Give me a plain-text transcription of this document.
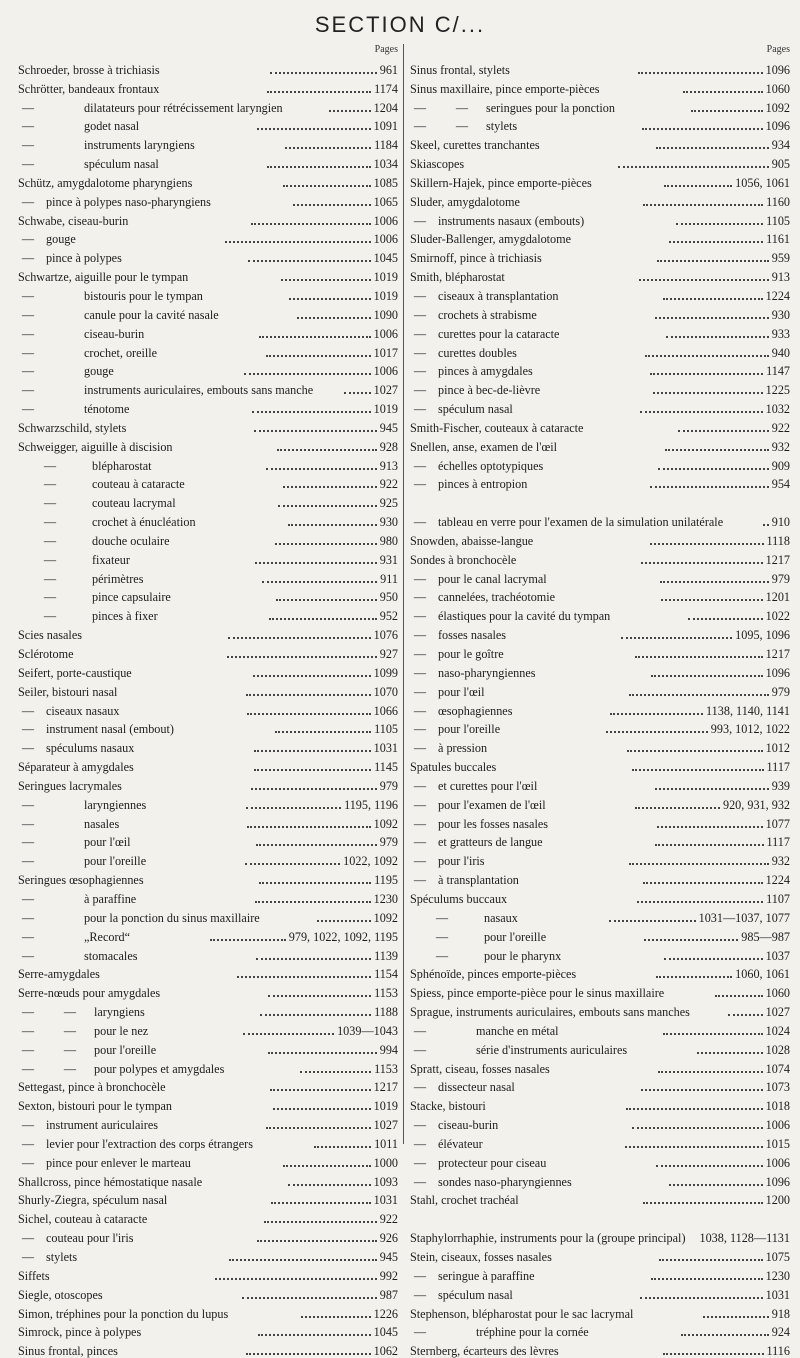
SECTION C/...
Pages
Schroeder, brosse à trichiasis	961
Schrötter, bandeaux frontaux	1174
—	dilatateurs pour rétrécissement laryngien	1204
—	godet nasal	1091
—	instruments laryngiens	1184
—	spéculum nasal	1034
Schütz, amygdalotome pharyngiens	1085
— pince à polypes naso-pharyngiens	1065
Schwabe, ciseau-burin	1006
— gouge	1006
— pince à polypes	1045
Schwartze, aiguille pour le tympan	1019
—	bistouris pour le tympan	1019
—	canule pour la cavité nasale	1090
—	ciseau-burin	1006
—	crochet, oreille	1017
—	gouge	1006
—	instruments auriculaires, embouts sans manche	1027
—	ténotome	1019
Schwarzschild, stylets	945
Schweigger, aiguille à discision	928
—	blépharostat	913
—	couteau à cataracte	922
—	couteau lacrymal	925
—	crochet à énucléation	930
—	douche oculaire	980
—	fixateur	931
—	périmètres	911
—	pince capsulaire	950
—	pinces à fixer	952
Scies nasales	1076
Sclérotome	927
Seifert, porte-caustique	1099
Seiler, bistouri nasal	1070
— ciseaux nasaux	1066
— instrument nasal (embout)	1105
— spéculums nasaux	1031
Séparateur à amygdales	1145
Seringues lacrymales	979
—	laryngiennes	1195, 1196
—	nasales	1092
—	pour l'œil	979
—	pour l'oreille	1022, 1092
Seringues œsophagiennes	1195
—	à paraffine	1230
—	pour la ponction du sinus maxillaire	1092
—	„Record“	979, 1022, 1092, 1195
—	stomacales	1139
Serre-amygdales	1154
Serre-nœuds pour amygdales	1153
—	—	laryngiens	1188
—	—	pour le nez	1039—1043
—	—	pour l'oreille	994
—	—	pour polypes et amygdales	1153
Settegast, pince à bronchocèle	1217
Sexton, bistouri pour le tympan	1019
— instrument auriculaires	1027
— levier pour l'extraction des corps étrangers	1011
— pince pour enlever le marteau	1000
Shallcross, pince hémostatique nasale	1093
Shurly-Ziegra, spéculum nasal	1031
Sichel, couteau à cataracte	922
— couteau pour l'iris	926
— stylets	945
Siffets	992
Siegle, otoscopes	987
Simon, tréphines pour la ponction du lupus	1226
Simrock, pince à polypes	1045
Sinus frontal, pinces	1062
Pages
Sinus frontal, stylets	1096
Sinus maxillaire, pince emporte-pièces	1060
—	—	seringues pour la ponction	1092
—	—	stylets	1096
Skeel, curettes tranchantes	934
Skiascopes	905
Skillern-Hajek, pince emporte-pièces	1056, 1061
Sluder, amygdalotome	1160
— instruments nasaux (embouts)	1105
Sluder-Ballenger, amygdalotome	1161
Smirnoff, pince à trichiasis	959
Smith, blépharostat	913
— ciseaux à transplantation	1224
— crochets à strabisme	930
— curettes pour la cataracte	933
— curettes doubles	940
— pinces à amygdales	1147
— pince à bec-de-lièvre	1225
— spéculum nasal	1032
Smith-Fischer, couteaux à cataracte	922
Snellen, anse, examen de l'œil	932
— échelles optotypiques	909
— pinces à entropion	954
— tableau en verre pour l'examen de la simulation unilatérale	910
Snowden, abaisse-langue	1118
Sondes à bronchocèle	1217
— pour le canal lacrymal	979
— cannelées, trachéotomie	1201
— élastiques pour la cavité du tympan	1022
— fosses nasales	1095, 1096
— pour le goître	1217
— naso-pharyngiennes	1096
— pour l'œil	979
— œsophagiennes	1138, 1140, 1141
— pour l'oreille	993, 1012, 1022
— à pression	1012
Spatules buccales	1117
— et curettes pour l'œil	939
— pour l'examen de l'œil	920, 931, 932
— pour les fosses nasales	1077
— et gratteurs de langue	1117
— pour l'iris	932
— à transplantation	1224
Spéculums buccaux	1107
—	nasaux	1031—1037, 1077
—	pour l'oreille	985—987
—	pour le pharynx	1037
Sphénoïde, pinces emporte-pièces	1060, 1061
Spiess, pince emporte-pièce pour le sinus maxillaire	1060
Sprague, instruments auriculaires, embouts sans manches	1027
—	manche en métal	1024
—	série d'instruments auriculaires	1028
Spratt, ciseau, fosses nasales	1074
— dissecteur nasal	1073
Stacke, bistouri	1018
— ciseau-burin	1006
— élévateur	1015
— protecteur pour ciseau	1006
— sondes naso-pharyngiennes	1096
Stahl, crochet trachéal	1200
Staphylorrhaphie, instruments pour la (groupe principal)	1038, 1128—1131
Stein, ciseaux, fosses nasales	1075
— seringue à paraffine	1230
— spéculum nasal	1031
Stephenson, blépharostat pour le sac lacrymal	918
—	tréphine pour la cornée	924
Sternberg, écarteurs des lèvres	1116
